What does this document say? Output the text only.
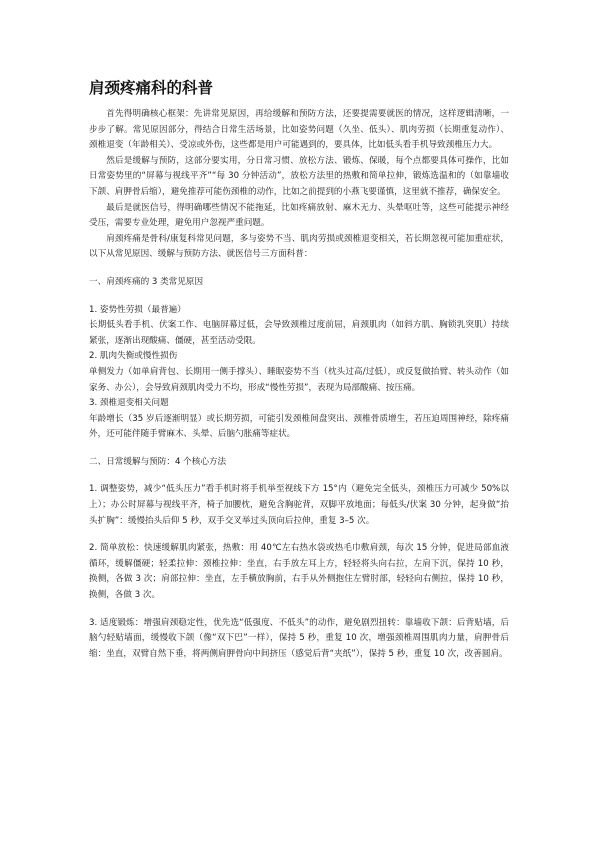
肩颈疼痛科的科普

首先得明确核心框架：先讲常见原因，再给缓解和预防方法，还要提需要就医的情况，这样逻辑清晰，一步步了解。常见原因部分，得结合日常生活场景，比如姿势问题（久坐、低头）、肌肉劳损（长期重复动作）、颈椎退变（年龄相关）、受凉或外伤，这些都是用户可能遇到的，要具体，比如低头看手机导致颈椎压力大。

然后是缓解与预防，这部分要实用，分日常习惯、放松方法、锻炼、保暖，每个点都要具体可操作，比如日常姿势里的“屏幕与视线平齐”“每 30 分钟活动”，放松方法里的热敷和简单拉伸，锻炼选温和的（如靠墙收下颌、肩胛骨后缩），避免推荐可能伤颈椎的动作，比如之前提到的小燕飞要谨慎，这里就不推荐，确保安全。

最后是就医信号，得明确哪些情况不能拖延，比如疼痛放射、麻木无力、头晕呕吐等，这些可能提示神经受压，需要专业处理，避免用户忽视严重问题。

肩颈疼痛是骨科/康复科常见问题，多与姿势不当、肌肉劳损或颈椎退变相关，若长期忽视可能加重症状，以下从常见原因、缓解与预防方法、就医信号三方面科普：

一、肩颈疼痛的 3 类常见原因

1. 姿势性劳损（最普遍）

长期低头看手机、伏案工作、电脑屏幕过低，会导致颈椎过度前屈，肩颈肌肉（如斜方肌、胸锁乳突肌）持续紧张，逐渐出现酸痛、僵硬，甚至活动受限。

2. 肌肉失衡或慢性损伤

单侧发力（如单肩背包、长期用一侧手撑头）、睡眠姿势不当（枕头过高/过低），或反复做抬臂、转头动作（如家务、办公），会导致肩颈肌肉受力不均，形成“慢性劳损”，表现为局部酸痛、按压痛。

3. 颈椎退变相关问题

年龄增长（35 岁后逐渐明显）或长期劳损，可能引发颈椎间盘突出、颈椎骨质增生，若压迫周围神经，除疼痛外，还可能伴随手臂麻木、头晕、后脑勺胀痛等症状。

二、日常缓解与预防：4 个核心方法

1. 调整姿势，减少“低头压力”看手机时将手机举至视线下方 15°内（避免完全低头，颈椎压力可减少 50%以上）；办公时屏幕与视线平齐，椅子加腰枕，避免含胸驼背，双脚平放地面；每低头/伏案 30 分钟，起身做“抬头扩胸”：缓慢抬头后仰 5 秒，双手交叉举过头顶向后拉伸，重复 3–5 次。

2. 简单放松：快速缓解肌肉紧张，热敷：用 40℃左右热水袋或热毛巾敷肩颈，每次 15 分钟，促进局部血液循环，缓解僵硬；轻柔拉伸：颈椎拉伸：坐直，右手放左耳上方，轻轻将头向右拉，左肩下沉，保持 10 秒，换侧，各做 3 次；肩部拉伸：坐直，左手横放胸前，右手从外侧抱住左臂肘部，轻轻向右侧拉，保持 10 秒，换侧，各做 3 次。

3. 适度锻炼：增强肩颈稳定性，优先选“低强度、不低头”的动作，避免剧烈扭转：靠墙收下颌：后背贴墙，后脑勺轻贴墙面，缓慢收下颌（像“双下巴”一样），保持 5 秒，重复 10 次，增强颈椎周围肌肉力量，肩胛骨后缩：坐直，双臂自然下垂，将两侧肩胛骨向中间挤压（感觉后背“夹纸”），保持 5 秒，重复 10 次，改善圆肩。
